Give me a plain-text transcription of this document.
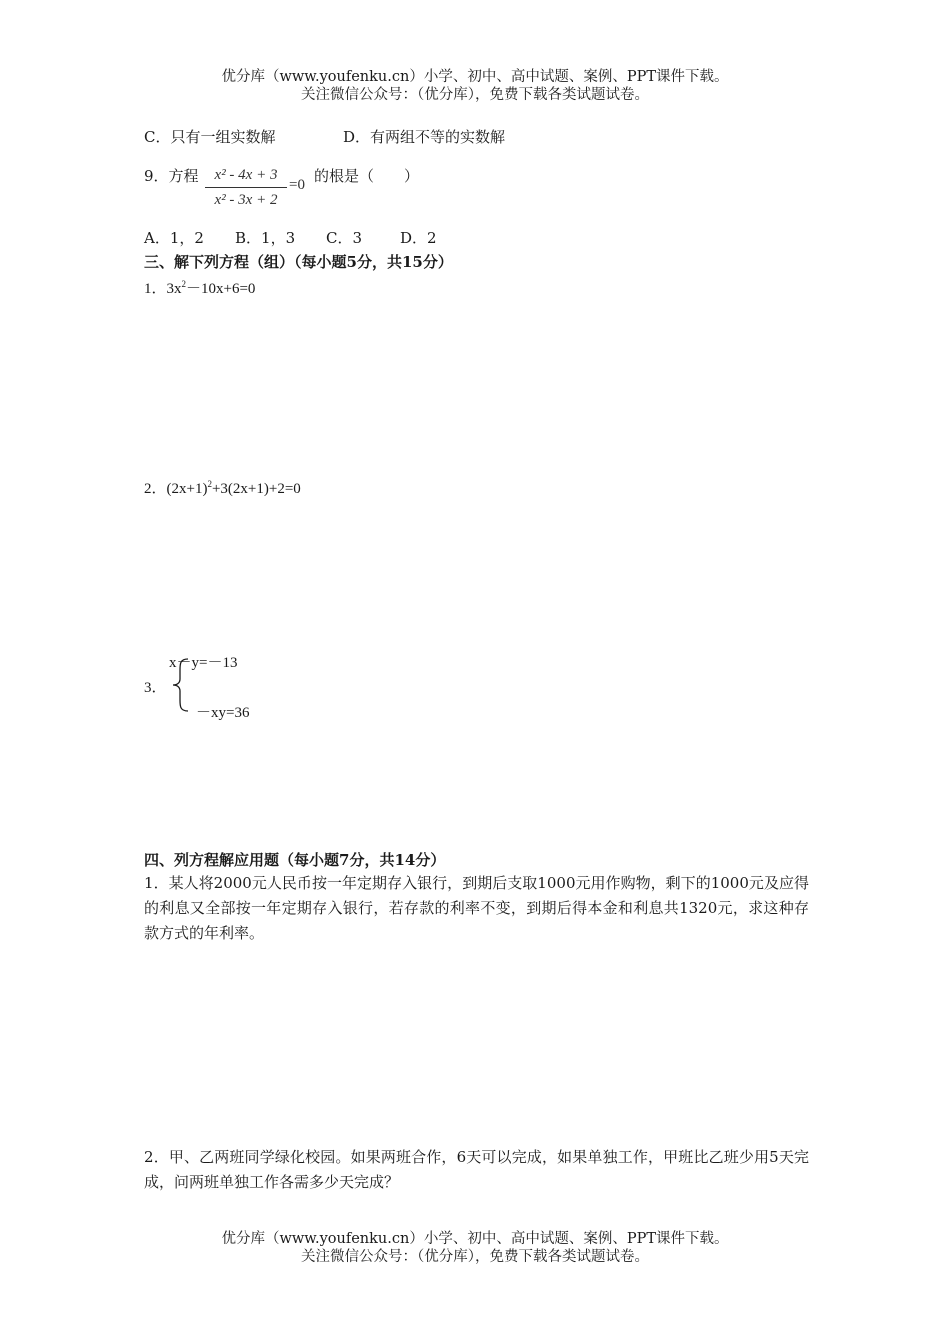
优分库（www.youfenku.cn）小学、初中、高中试题、案例、PPT课件下载。
关注微信公众号：（优分库），免费下载各类试题试卷。
C．只有一组实数解	D．有两组不等的实数解
9．方程	x² - 4x + 3
x² - 3x + 2
=0 的根是（　　）
A．1，2 B．1，3 C．3	D．2
三、解下列方程（组）（每小题5分，共15分）
1．$3x^2-10x+6=0$
2．$(2x+1)^2+3(2x+1)+2=0$
3．
x－y=－13
－xy=36
四、列方程解应用题（每小题7分，共14分）
1．某人将2000元人民币按一年定期存入银行，到期后支取1000元用作购物，剩下的1000元及应得的利息又全部按一年定期存入银行，若存款的利率不变，到期后得本金和利息共1320元，求这种存款方式的年利率。
2．甲、乙两班同学绿化校园。如果两班合作，6天可以完成，如果单独工作，甲班比乙班少用5天完成，问两班单独工作各需多少天完成？
优分库（www.youfenku.cn）小学、初中、高中试题、案例、PPT课件下载。
关注微信公众号：（优分库），免费下载各类试题试卷。
